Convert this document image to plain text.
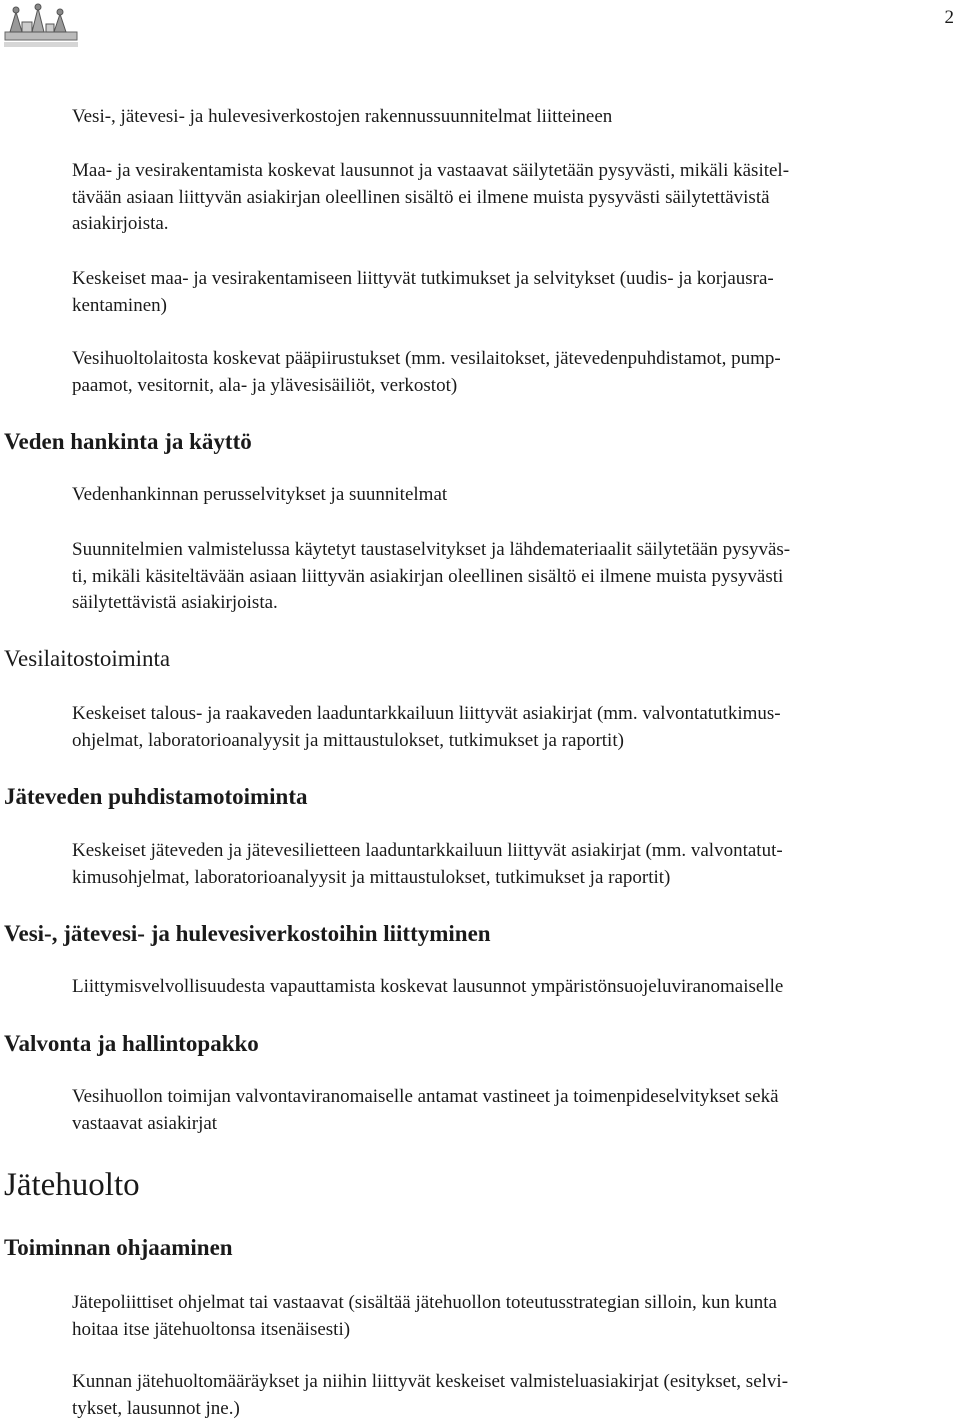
2

Vesi-, jätevesi- ja hulevesiverkostojen rakennussuunnitelmat liitteineen

Maa- ja vesirakentamista koskevat lausunnot ja vastaavat säilytetään pysyvästi, mikäli käsitel-
tävään asiaan liittyvän asiakirjan oleellinen sisältö ei ilmene muista pysyvästi säilytettävistä
asiakirjoista.

Keskeiset maa- ja vesirakentamiseen liittyvät tutkimukset ja selvitykset (uudis- ja korjausra-
kentaminen)

Vesihuoltolaitosta koskevat pääpiirustukset (mm. vesilaitokset, jätevedenpuhdistamot, pump-
paamot, vesitornit, ala- ja ylävesisäiliöt, verkostot)

Veden hankinta ja käyttö

Vedenhankinnan perusselvitykset ja suunnitelmat

Suunnitelmien valmistelussa käytetyt taustaselvitykset ja lähdemateriaalit säilytetään pysyväs-
ti, mikäli käsiteltävään asiaan liittyvän asiakirjan oleellinen sisältö ei ilmene muista pysyvästi
säilytettävistä asiakirjoista.

Vesilaitostoiminta

Keskeiset talous- ja raakaveden laaduntarkkailuun liittyvät asiakirjat (mm. valvontatutkimus-
ohjelmat, laboratorioanalyysit ja mittaustulokset, tutkimukset ja raportit)

Jäteveden puhdistamotoiminta

Keskeiset jäteveden ja jätevesilietteen laaduntarkkailuun liittyvät asiakirjat (mm. valvontatut-
kimusohjelmat, laboratorioanalyysit ja mittaustulokset, tutkimukset ja raportit)

Vesi-, jätevesi- ja hulevesiverkostoihin liittyminen

Liittymisvelvollisuudesta vapauttamista koskevat lausunnot ympäristönsuojeluviranomaiselle

Valvonta ja hallintopakko

Vesihuollon toimijan valvontaviranomaiselle antamat vastineet ja toimenpideselvitykset sekä
vastaavat asiakirjat

Jätehuolto
Toiminnan ohjaaminen

Jätepoliittiset ohjelmat tai vastaavat (sisältää jätehuollon toteutusstrategian silloin, kun kunta
hoitaa itse jätehuoltonsa itsenäisesti)

Kunnan jätehuoltomääräykset ja niihin liittyvät keskeiset valmisteluasiakirjat (esitykset, selvi-
tykset, lausunnot jne.)
